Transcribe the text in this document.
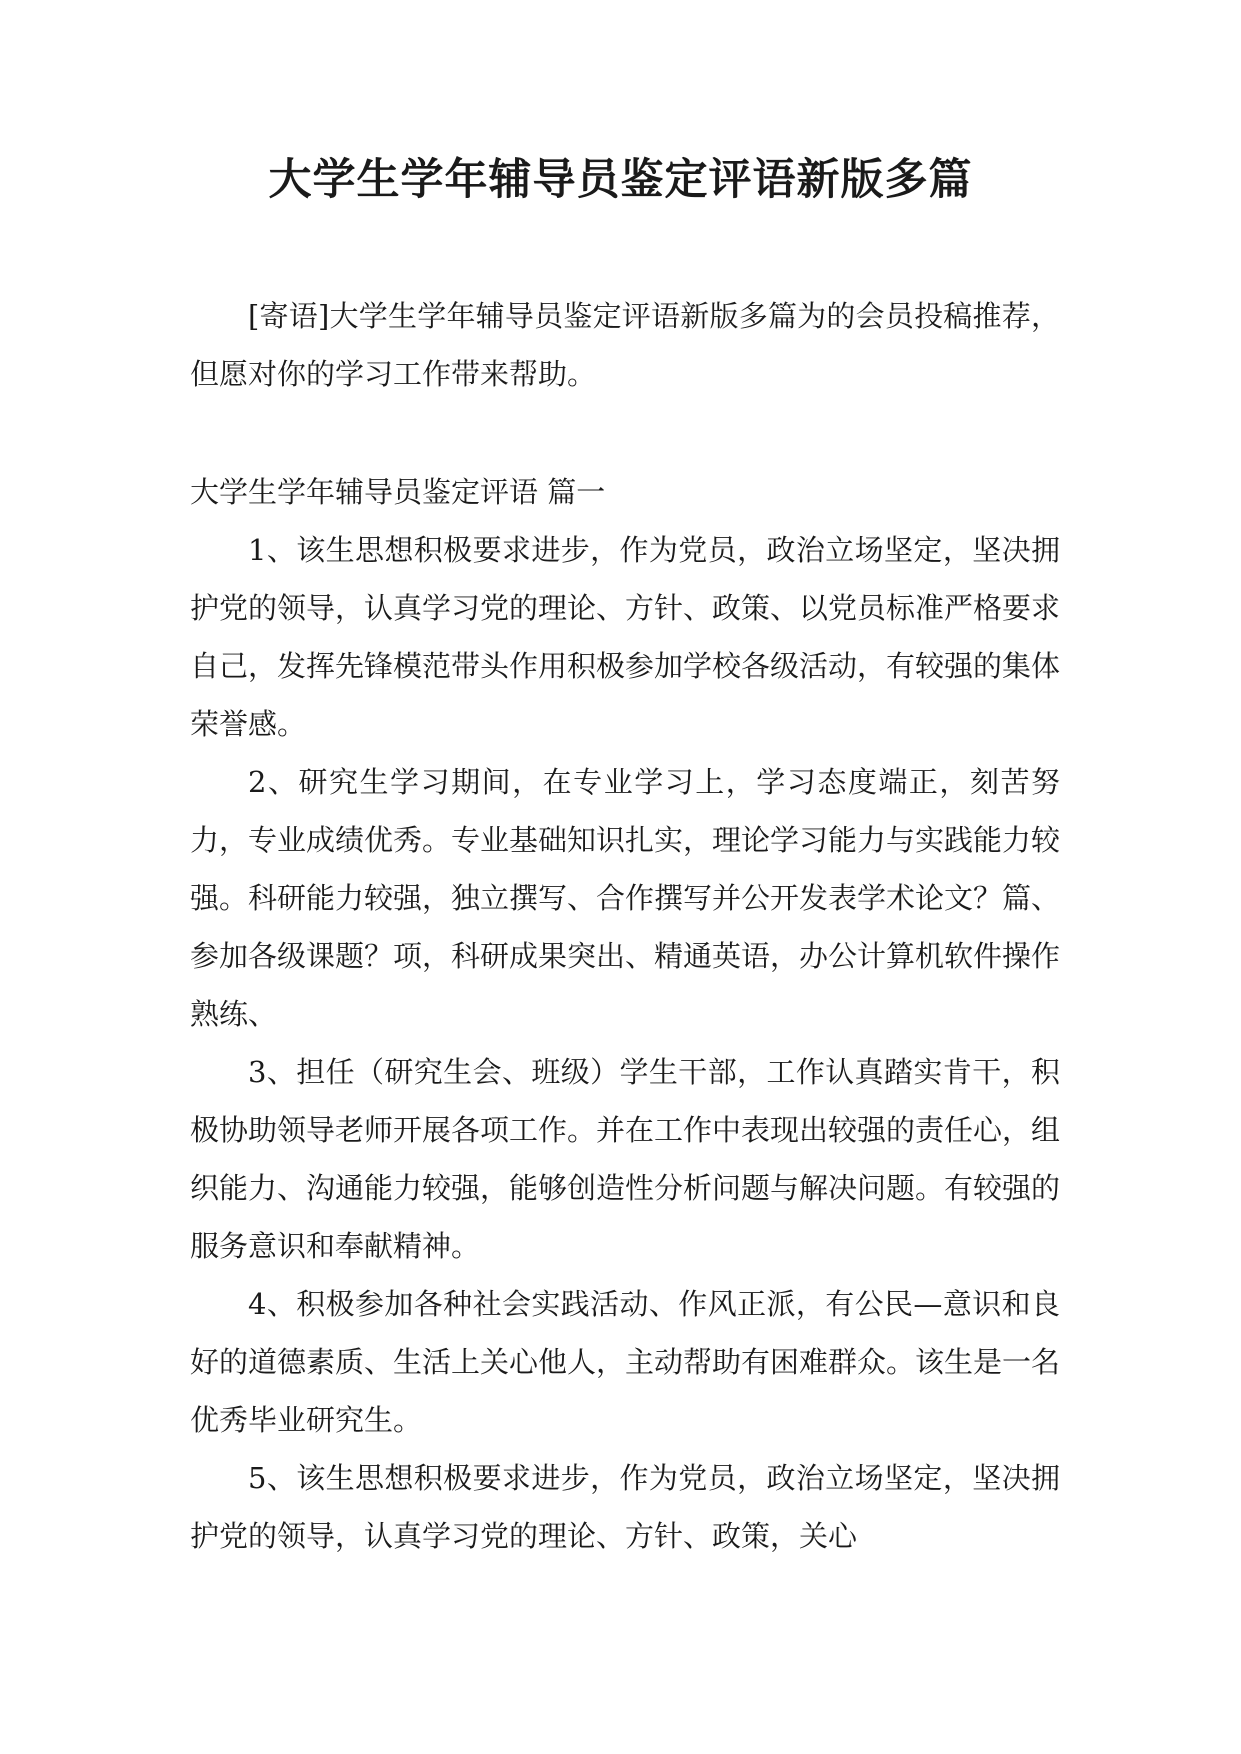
大学生学年辅导员鉴定评语新版多篇

[寄语]大学生学年辅导员鉴定评语新版多篇为的会员投稿推荐，但愿对你的学习工作带来帮助。

大学生学年辅导员鉴定评语 篇一

1、该生思想积极要求进步，作为党员，政治立场坚定，坚决拥护党的领导，认真学习党的理论、方针、政策、以党员标准严格要求自己，发挥先锋模范带头作用积极参加学校各级活动，有较强的集体荣誉感。

2、研究生学习期间，在专业学习上，学习态度端正，刻苦努力，专业成绩优秀。专业基础知识扎实，理论学习能力与实践能力较强。科研能力较强，独立撰写、合作撰写并公开发表学术论文？篇、参加各级课题？项，科研成果突出、精通英语，办公计算机软件操作熟练、

3、担任（研究生会、班级）学生干部，工作认真踏实肯干，积极协助领导老师开展各项工作。并在工作中表现出较强的责任心，组织能力、沟通能力较强，能够创造性分析问题与解决问题。有较强的服务意识和奉献精神。

4、积极参加各种社会实践活动、作风正派，有公民—意识和良好的道德素质、生活上关心他人，主动帮助有困难群众。该生是一名优秀毕业研究生。

5、该生思想积极要求进步，作为党员，政治立场坚定，坚决拥护党的领导，认真学习党的理论、方针、政策，关心
